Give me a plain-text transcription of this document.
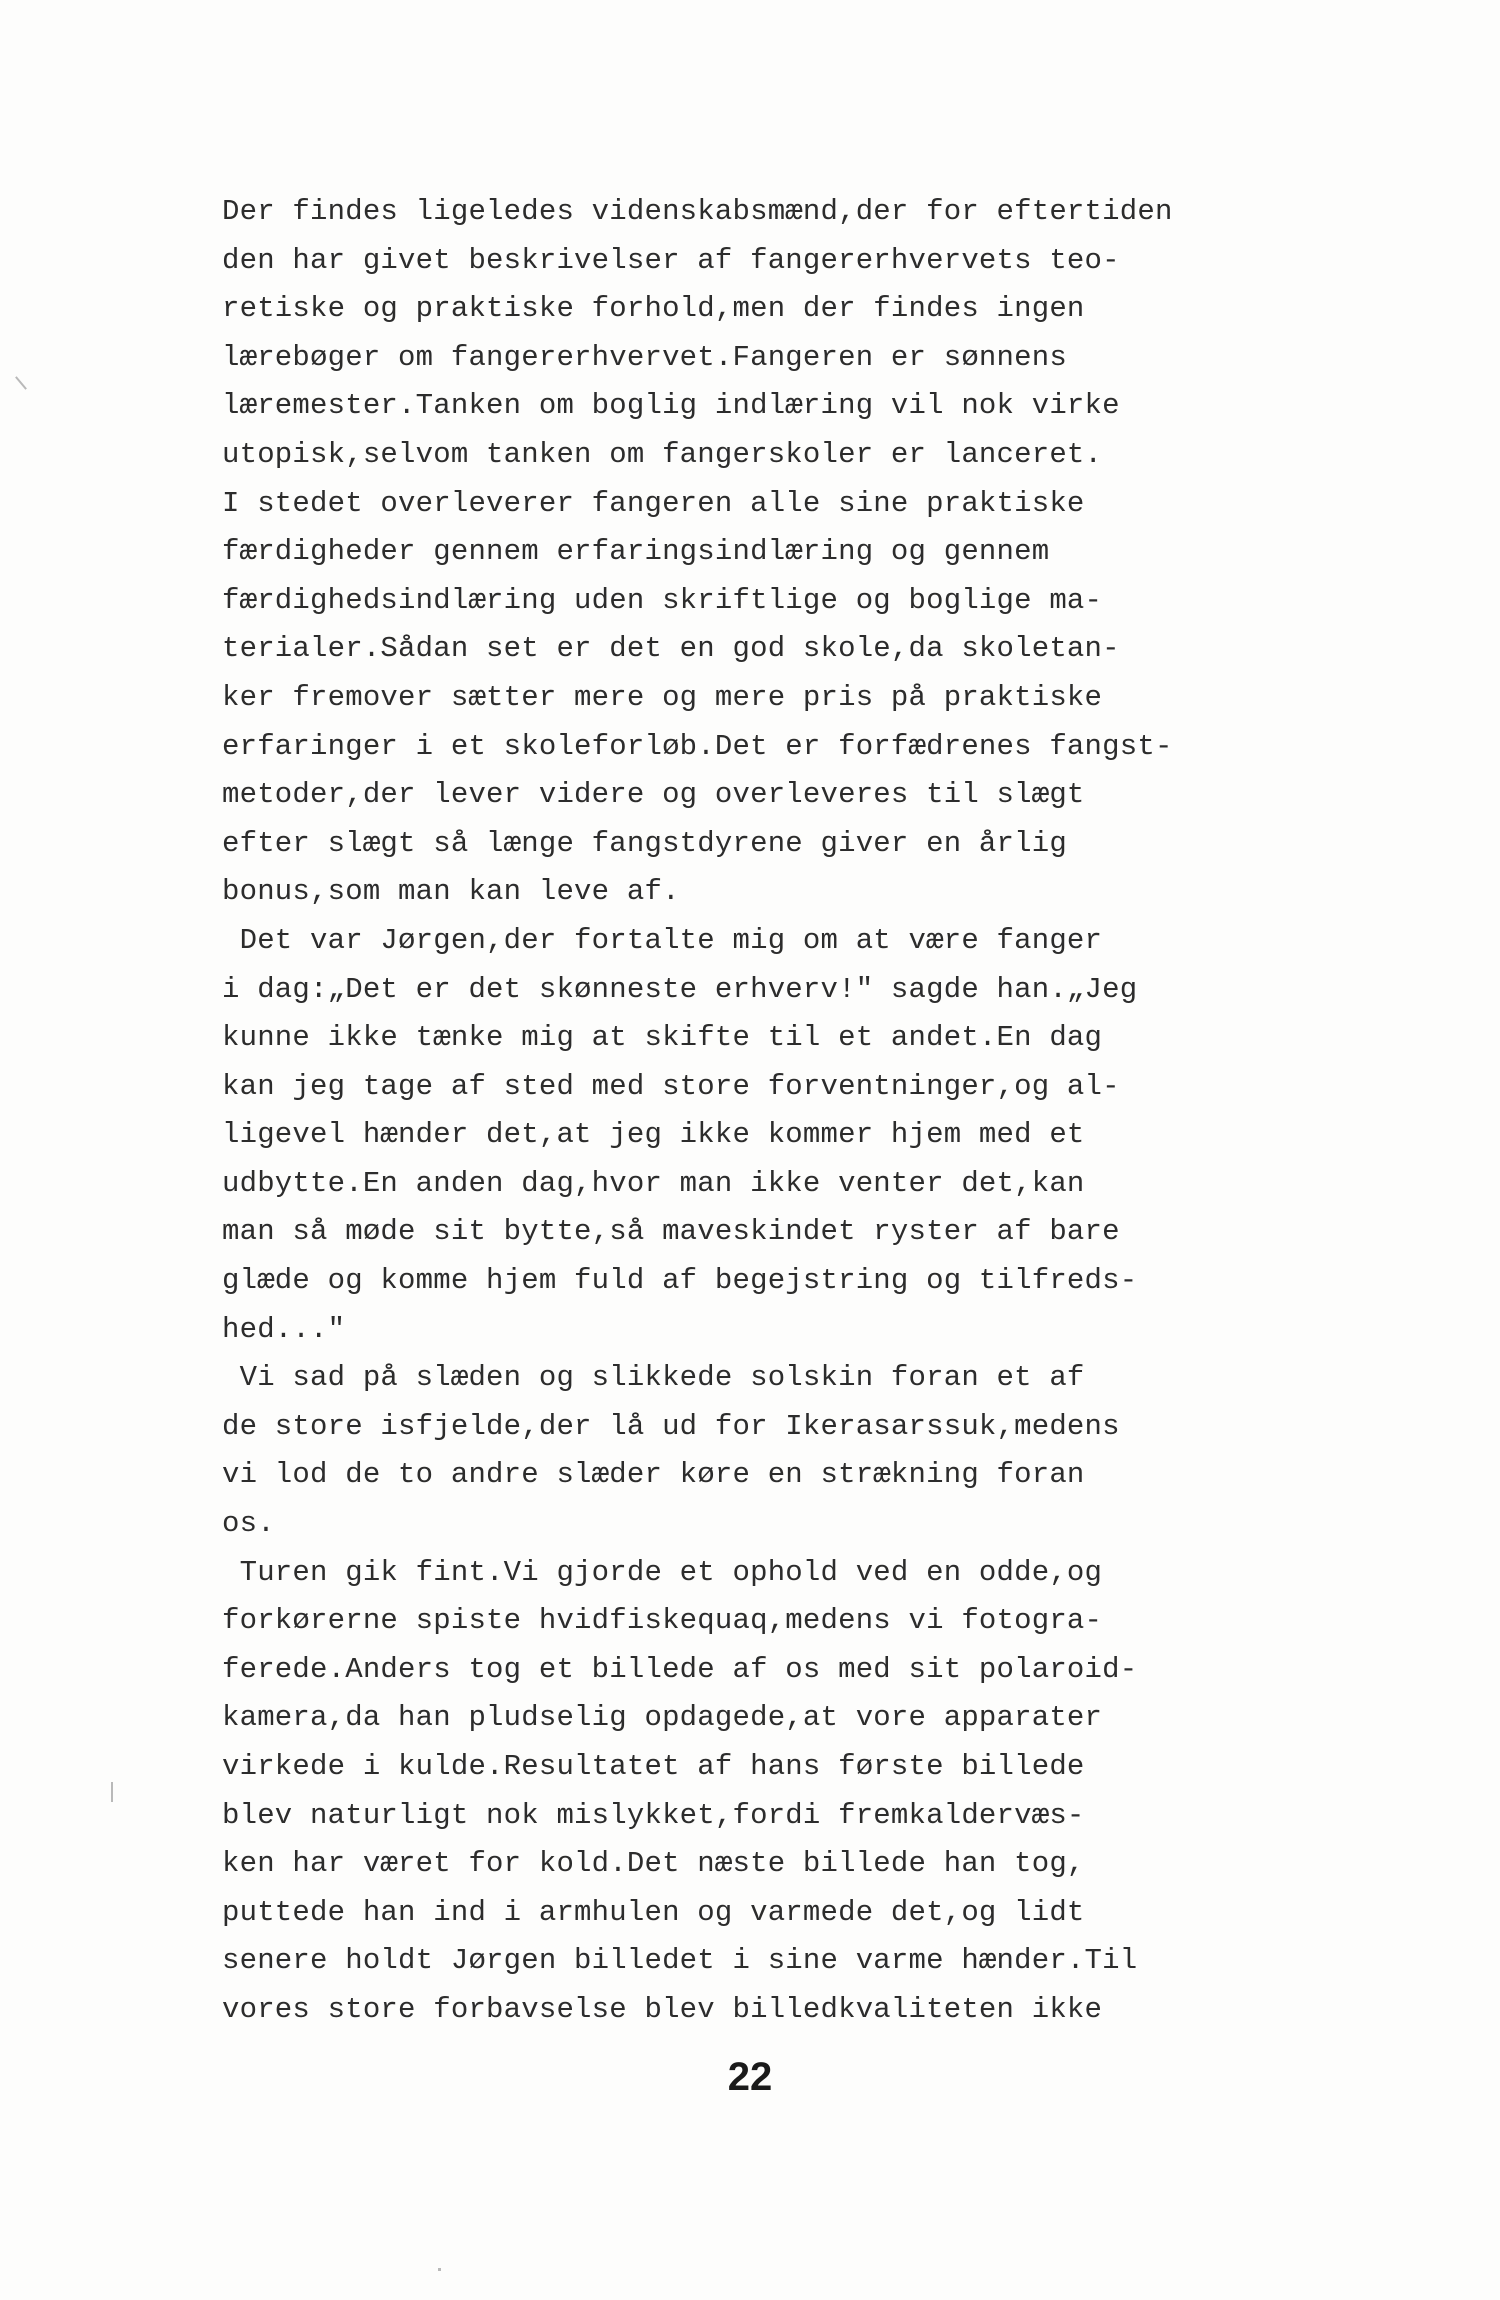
Der findes ligeledes videnskabsmænd,der for eftertiden
den har givet beskrivelser af fangererhvervets teo-
retiske og praktiske forhold,men der findes ingen
lærebøger om fangererhvervet.Fangeren er sønnens
læremester.Tanken om boglig indlæring vil nok virke
utopisk,selvom tanken om fangerskoler er lanceret.
I stedet overleverer fangeren alle sine praktiske
færdigheder gennem erfaringsindlæring og gennem
færdighedsindlæring uden skriftlige og boglige ma-
terialer.Sådan set er det en god skole,da skoletan-
ker fremover sætter mere og mere pris på praktiske
erfaringer i et skoleforløb.Det er forfædrenes fangst-
metoder,der lever videre og overleveres til slægt
efter slægt så længe fangstdyrene giver en årlig
bonus,som man kan leve af.
Det var Jørgen,der fortalte mig om at være fanger
i dag:„Det er det skønneste erhverv!" sagde han.„Jeg
kunne ikke tænke mig at skifte til et andet.En dag
kan jeg tage af sted med store forventninger,og al-
ligevel hænder det,at jeg ikke kommer hjem med et
udbytte.En anden dag,hvor man ikke venter det,kan
man så møde sit bytte,så maveskindet ryster af bare
glæde og komme hjem fuld af begejstring og tilfreds-
hed..."
Vi sad på slæden og slikkede solskin foran et af
de store isfjelde,der lå ud for Ikerasarssuk,medens
vi lod de to andre slæder køre en strækning foran
os.
Turen gik fint.Vi gjorde et ophold ved en odde,og
forkørerne spiste hvidfiskequaq,medens vi fotogra-
ferede.Anders tog et billede af os med sit polaroid-
kamera,da han pludselig opdagede,at vore apparater
virkede i kulde.Resultatet af hans første billede
blev naturligt nok mislykket,fordi fremkaldervæs-
ken har været for kold.Det næste billede han tog,
puttede han ind i armhulen og varmede det,og lidt
senere holdt Jørgen billedet i sine varme hænder.Til
vores store forbavselse blev billedkvaliteten ikke
22
